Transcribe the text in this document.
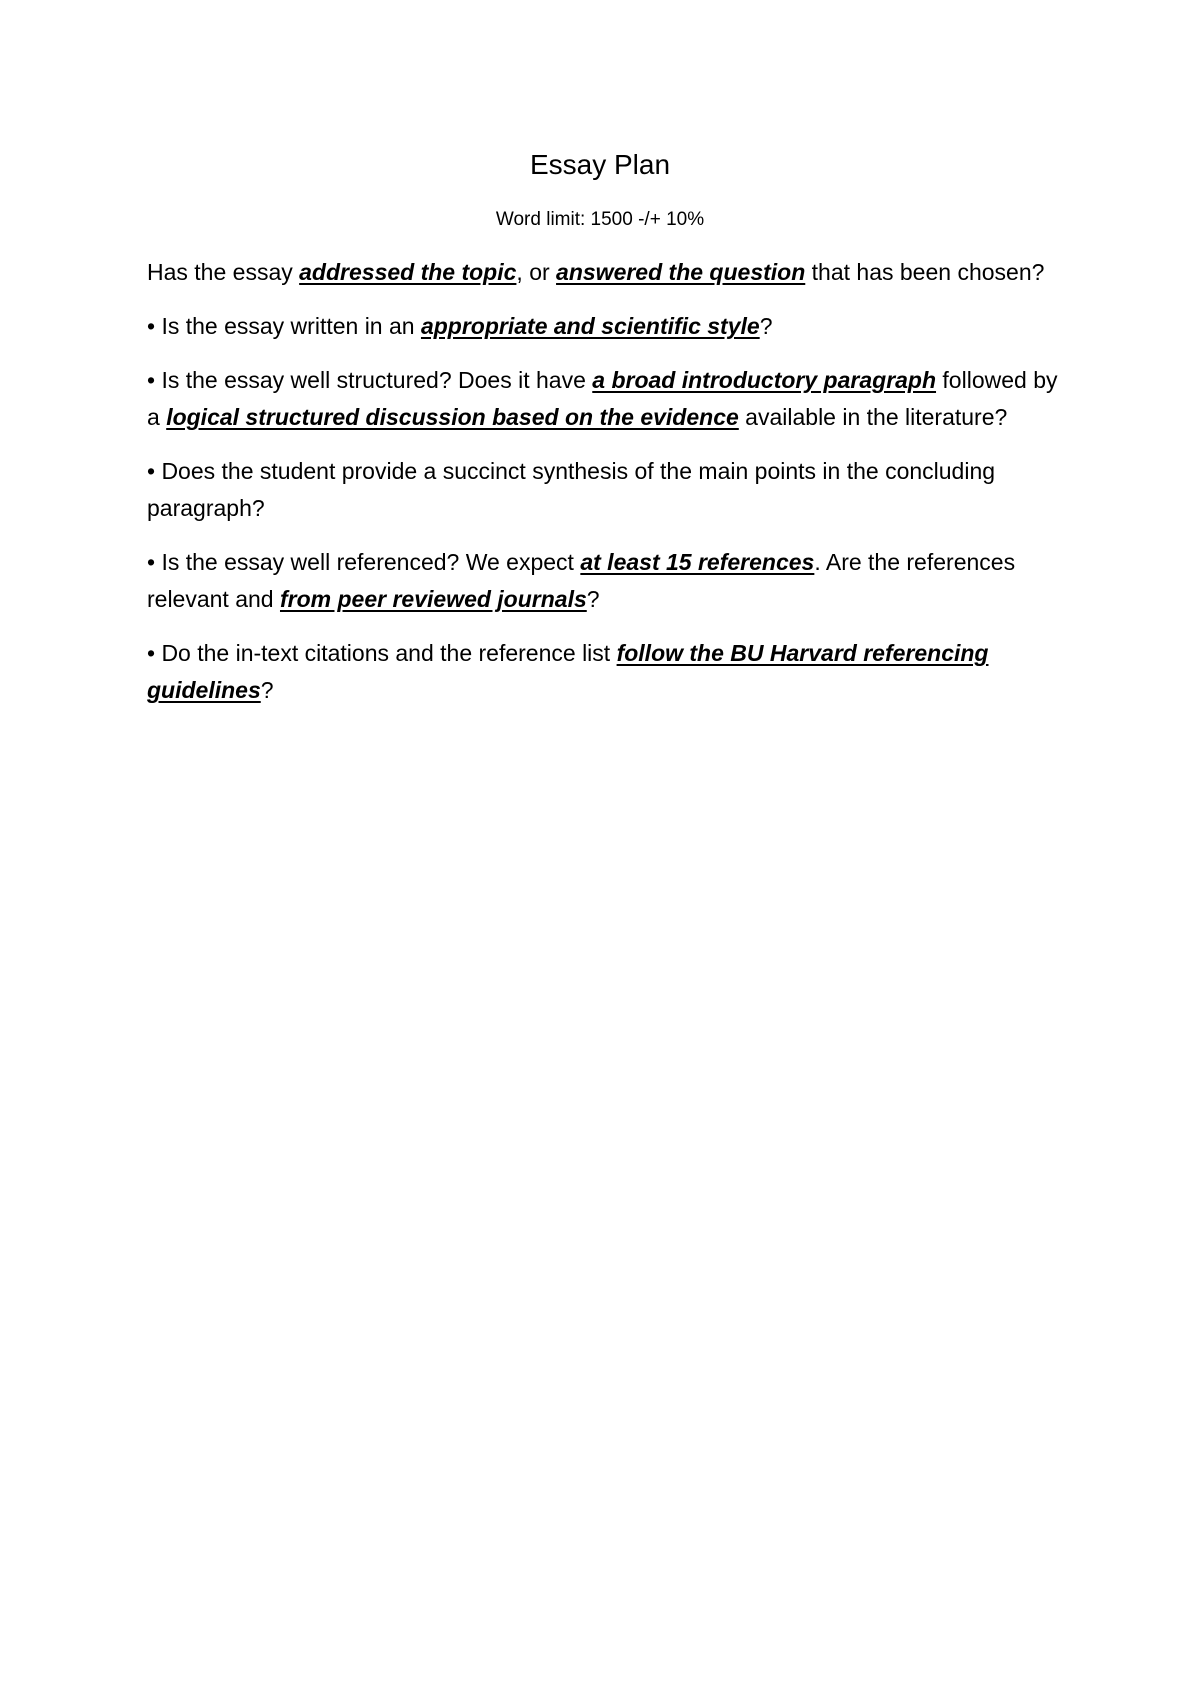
Essay Plan
Word limit: 1500 -/+ 10%

Has the essay addressed the topic, or answered the question that has been chosen?

• Is the essay written in an appropriate and scientific style?

• Is the essay well structured? Does it have a broad introductory paragraph followed by a logical structured discussion based on the evidence available in the literature?

• Does the student provide a succinct synthesis of the main points in the concluding paragraph?

• Is the essay well referenced? We expect at least 15 references. Are the references relevant and from peer reviewed journals?

• Do the in-text citations and the reference list follow the BU Harvard referencing guidelines?
